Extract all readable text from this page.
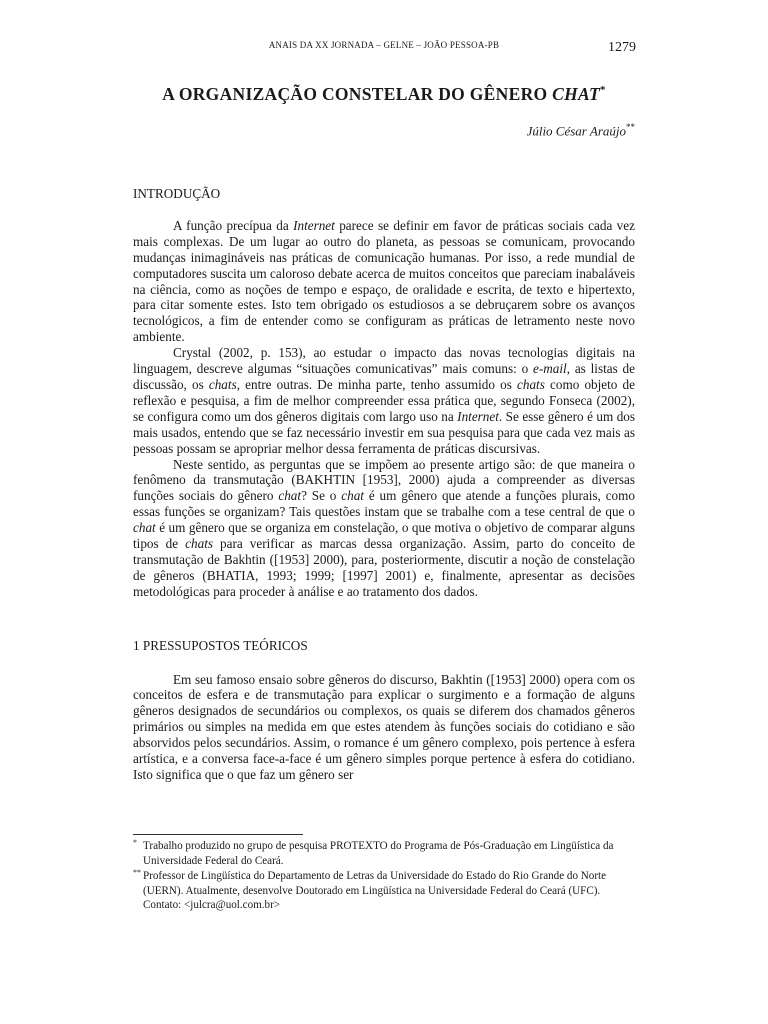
ANAIS DA XX JORNADA – GELNE – JOÃO PESSOA-PB	1279
A ORGANIZAÇÃO CONSTELAR DO GÊNERO CHAT*
Júlio César Araújo**

INTRODUÇÃO

A função precípua da Internet parece se definir em favor de práticas sociais cada vez mais complexas. De um lugar ao outro do planeta, as pessoas se comunicam, provocando mudanças inimagináveis nas práticas de comunicação humanas. Por isso, a rede mundial de computadores suscita um caloroso debate acerca de muitos conceitos que pareciam inabaláveis na ciência, como as noções de tempo e espaço, de oralidade e escrita, de texto e hipertexto, para citar somente estes. Isto tem obrigado os estudiosos a se debruçarem sobre os avanços tecnológicos, a fim de entender como se configuram as práticas de letramento neste novo ambiente.

Crystal (2002, p. 153), ao estudar o impacto das novas tecnologias digitais na linguagem, descreve algumas “situações comunicativas” mais comuns: o e-mail, as listas de discussão, os chats, entre outras. De minha parte, tenho assumido os chats como objeto de reflexão e pesquisa, a fim de melhor compreender essa prática que, segundo Fonseca (2002), se configura como um dos gêneros digitais com largo uso na Internet. Se esse gênero é um dos mais usados, entendo que se faz necessário investir em sua pesquisa para que cada vez mais as pessoas possam se apropriar melhor dessa ferramenta de práticas discursivas.

Neste sentido, as perguntas que se impõem ao presente artigo são: de que maneira o fenômeno da transmutação (BAKHTIN [1953], 2000) ajuda a compreender as diversas funções sociais do gênero chat? Se o chat é um gênero que atende a funções plurais, como essas funções se organizam? Tais questões instam que se trabalhe com a tese central de que o chat é um gênero que se organiza em constelação, o que motiva o objetivo de comparar alguns tipos de chats para verificar as marcas dessa organização. Assim, parto do conceito de transmutação de Bakhtin ([1953] 2000), para, posteriormente, discutir a noção de constelação de gêneros (BHATIA, 1993; 1999; [1997] 2001) e, finalmente, apresentar as decisões metodológicas para proceder à análise e ao tratamento dos dados.

1 PRESSUPOSTOS TEÓRICOS

Em seu famoso ensaio sobre gêneros do discurso, Bakhtin ([1953] 2000) opera com os conceitos de esfera e de transmutação para explicar o surgimento e a formação de alguns gêneros designados de secundários ou complexos, os quais se diferem dos chamados gêneros primários ou simples na medida em que estes atendem às funções sociais do cotidiano e são absorvidos pelos secundários. Assim, o romance é um gênero complexo, pois pertence à esfera artística, e a conversa face-a-face é um gênero simples porque pertence à esfera do cotidiano. Isto significa que o que faz um gênero ser

* Trabalho produzido no grupo de pesquisa PROTEXTO do Programa de Pós-Graduação em Lingüística da Universidade Federal do Ceará.
** Professor de Lingüística do Departamento de Letras da Universidade do Estado do Rio Grande do Norte (UERN). Atualmente, desenvolve Doutorado em Lingüística na Universidade Federal do Ceará (UFC). Contato: <julcra@uol.com.br>
